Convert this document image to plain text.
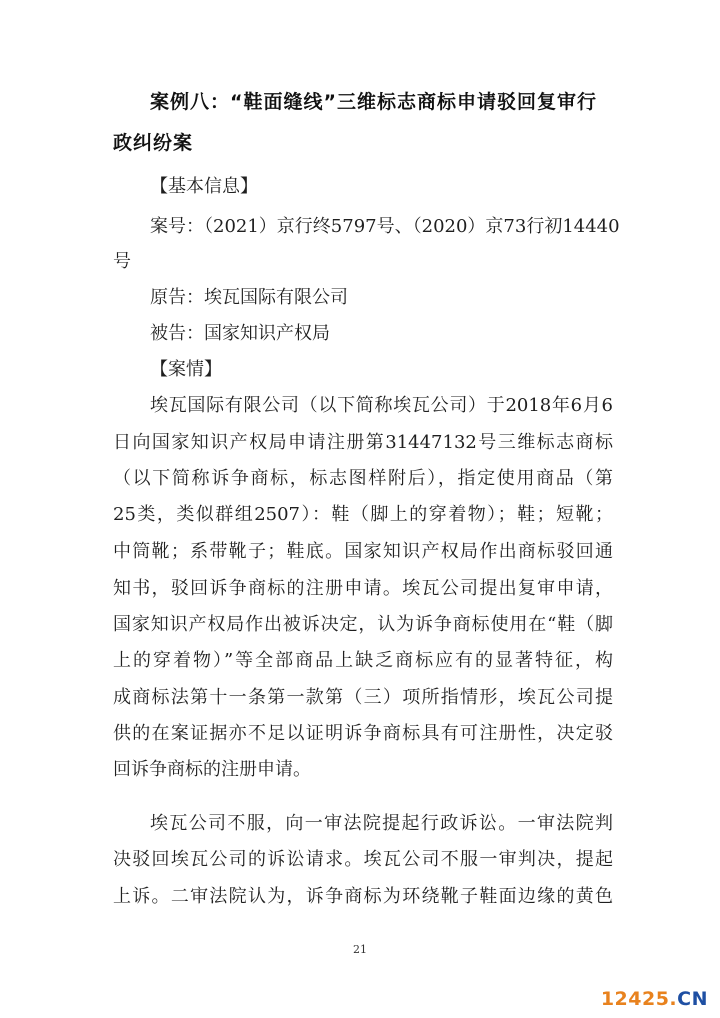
案例八：“鞋面缝线”三维标志商标申请驳回复审行政纠纷案
【基本信息】
案号：（2021）京行终5797号、（2020）京73行初14440
号
原告：埃瓦国际有限公司
被告：国家知识产权局
【案情】
埃瓦国际有限公司（以下简称埃瓦公司）于2018年6月6
日向国家知识产权局申请注册第31447132号三维标志商标
（以下简称诉争商标，标志图样附后），指定使用商品（第
25类，类似群组2507）：鞋（脚上的穿着物）；鞋；短靴；
中筒靴；系带靴子；鞋底。国家知识产权局作出商标驳回通
知书，驳回诉争商标的注册申请。埃瓦公司提出复审申请，
国家知识产权局作出被诉决定，认为诉争商标使用在“鞋（脚
上的穿着物）”等全部商品上缺乏商标应有的显著特征，构
成商标法第十一条第一款第（三）项所指情形，埃瓦公司提
供的在案证据亦不足以证明诉争商标具有可注册性，决定驳
回诉争商标的注册申请。
埃瓦公司不服，向一审法院提起行政诉讼。一审法院判
决驳回埃瓦公司的诉讼请求。埃瓦公司不服一审判决，提起
上诉。二审法院认为，诉争商标为环绕靴子鞋面边缘的黄色
21
12425.CN
